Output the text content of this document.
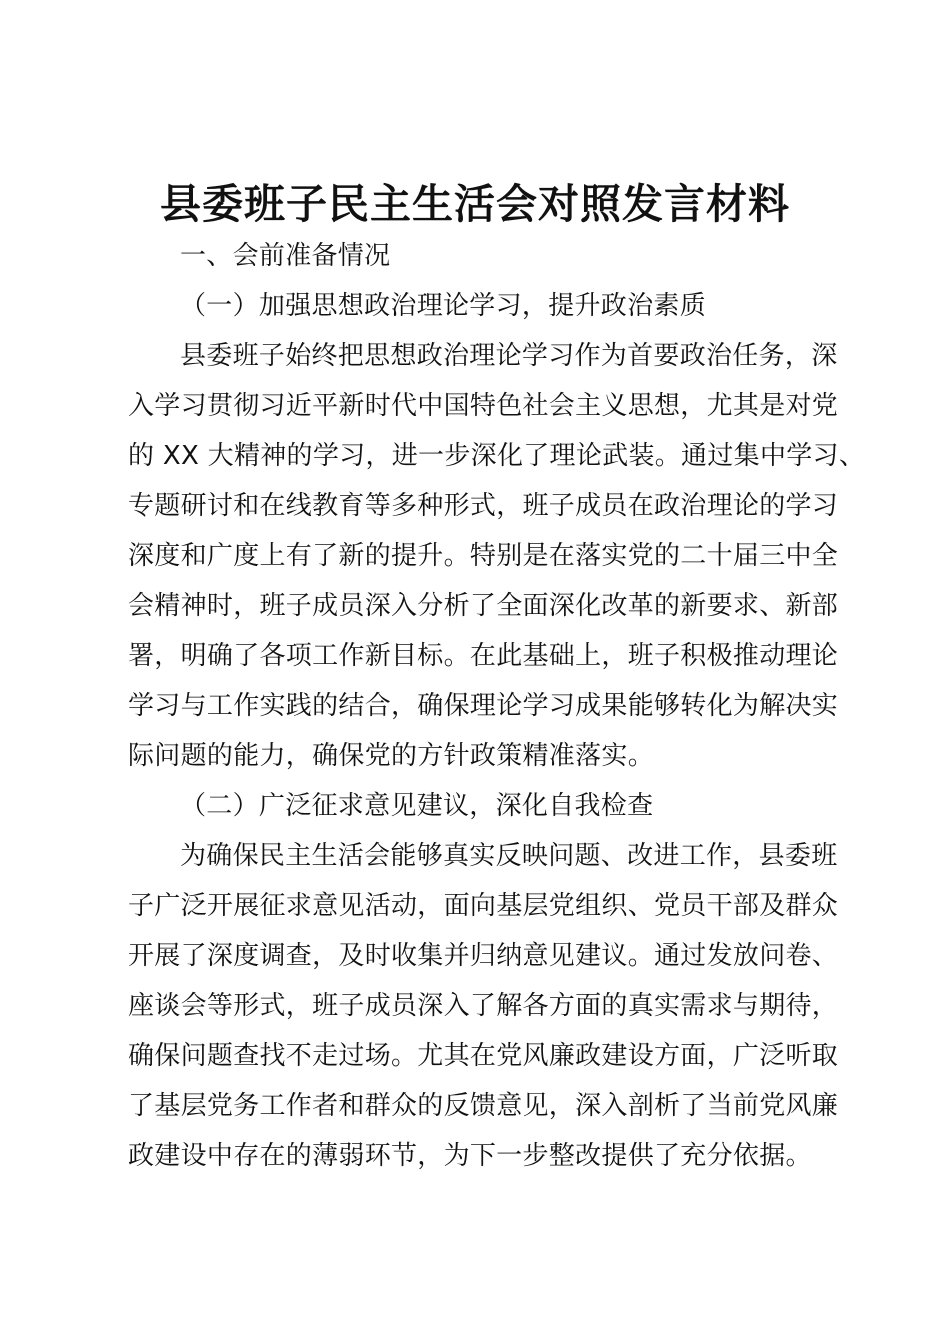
县委班子民主生活会对照发言材料
一、会前准备情况
（一）加强思想政治理论学习，提升政治素质
县委班子始终把思想政治理论学习作为首要政治任务，深
入学习贯彻习近平新时代中国特色社会主义思想，尤其是对党
的 XX 大精神的学习，进一步深化了理论武装。通过集中学习、
专题研讨和在线教育等多种形式，班子成员在政治理论的学习
深度和广度上有了新的提升。特别是在落实党的二十届三中全
会精神时，班子成员深入分析了全面深化改革的新要求、新部
署，明确了各项工作新目标。在此基础上，班子积极推动理论
学习与工作实践的结合，确保理论学习成果能够转化为解决实
际问题的能力，确保党的方针政策精准落实。
（二）广泛征求意见建议，深化自我检查
为确保民主生活会能够真实反映问题、改进工作，县委班
子广泛开展征求意见活动，面向基层党组织、党员干部及群众
开展了深度调查，及时收集并归纳意见建议。通过发放问卷、
座谈会等形式，班子成员深入了解各方面的真实需求与期待，
确保问题查找不走过场。尤其在党风廉政建设方面，广泛听取
了基层党务工作者和群众的反馈意见，深入剖析了当前党风廉
政建设中存在的薄弱环节，为下一步整改提供了充分依据。
